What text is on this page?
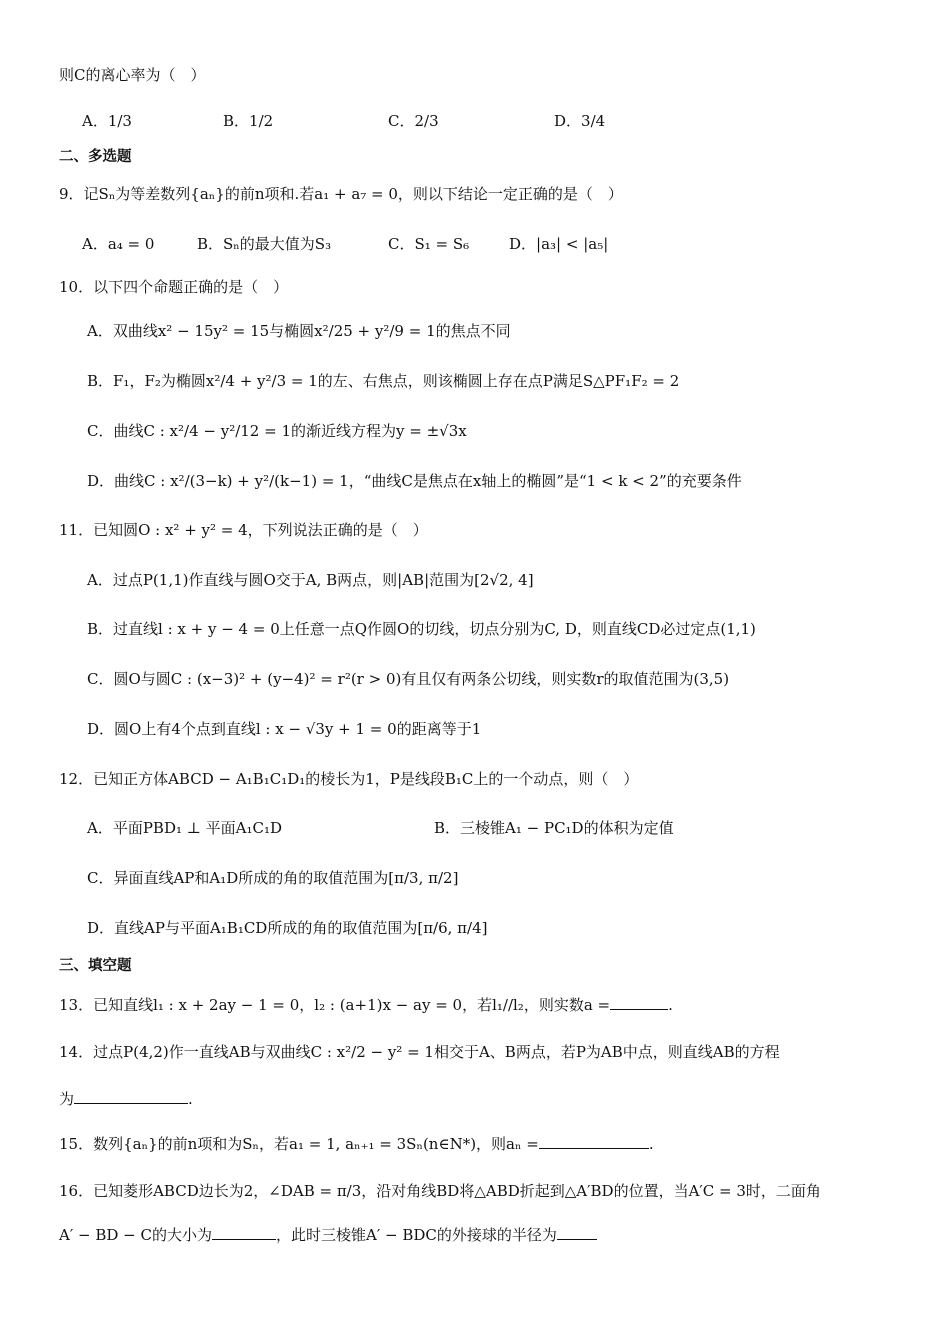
则C的离心率为（　）
A．1/3	B．1/2	C．2/3	D．3/4
二、多选题
9．记Sₙ为等差数列{aₙ}的前n项和.若a₁ + a₇ = 0，则以下结论一定正确的是（　）
A．a₄ = 0	B．Sₙ的最大值为S₃	C．S₁ = S₆	D．|a₃| < |a₅|
10．以下四个命题正确的是（　）
A．双曲线x² − 15y² = 15与椭圆x²/25 + y²/9 = 1的焦点不同
B．F₁，F₂为椭圆x²/4 + y²/3 = 1的左、右焦点，则该椭圆上存在点P满足S△PF₁F₂ = 2
C．曲线C : x²/4 − y²/12 = 1的渐近线方程为y = ±√3x
D．曲线C : x²/(3−k) + y²/(k−1) = 1，“曲线C是焦点在x轴上的椭圆”是“1 < k < 2”的充要条件
11．已知圆O : x² + y² = 4，下列说法正确的是（　）
A．过点P(1,1)作直线与圆O交于A, B两点，则|AB|范围为[2√2, 4]
B．过直线l : x + y − 4 = 0上任意一点Q作圆O的切线，切点分别为C, D，则直线CD必过定点(1,1)
C．圆O与圆C : (x−3)² + (y−4)² = r²(r > 0)有且仅有两条公切线，则实数r的取值范围为(3,5)
D．圆O上有4个点到直线l : x − √3y + 1 = 0的距离等于1
12．已知正方体ABCD − A₁B₁C₁D₁的棱长为1，P是线段B₁C上的一个动点，则（　）
A．平面PBD₁ ⊥ 平面A₁C₁D	B．三棱锥A₁ − PC₁D的体积为定值
C．异面直线AP和A₁D所成的角的取值范围为[π/3, π/2]
D．直线AP与平面A₁B₁CD所成的角的取值范围为[π/6, π/4]
三、填空题
13．已知直线l₁ : x + 2ay − 1 = 0，l₂ : (a+1)x − ay = 0，若l₁//l₂，则实数a =	.
14．过点P(4,2)作一直线AB与双曲线C : x²/2 − y² = 1相交于A、B两点，若P为AB中点，则直线AB的方程
为	.
15．数列{aₙ}的前n项和为Sₙ，若a₁ = 1, aₙ₊₁ = 3Sₙ(n∈N*)，则aₙ =	.
16．已知菱形ABCD边长为2，∠DAB = π/3，沿对角线BD将△ABD折起到△A′BD的位置，当A′C = 3时，二面角
A′ − BD − C的大小为	，此时三棱锥A′ − BDC的外接球的半径为
